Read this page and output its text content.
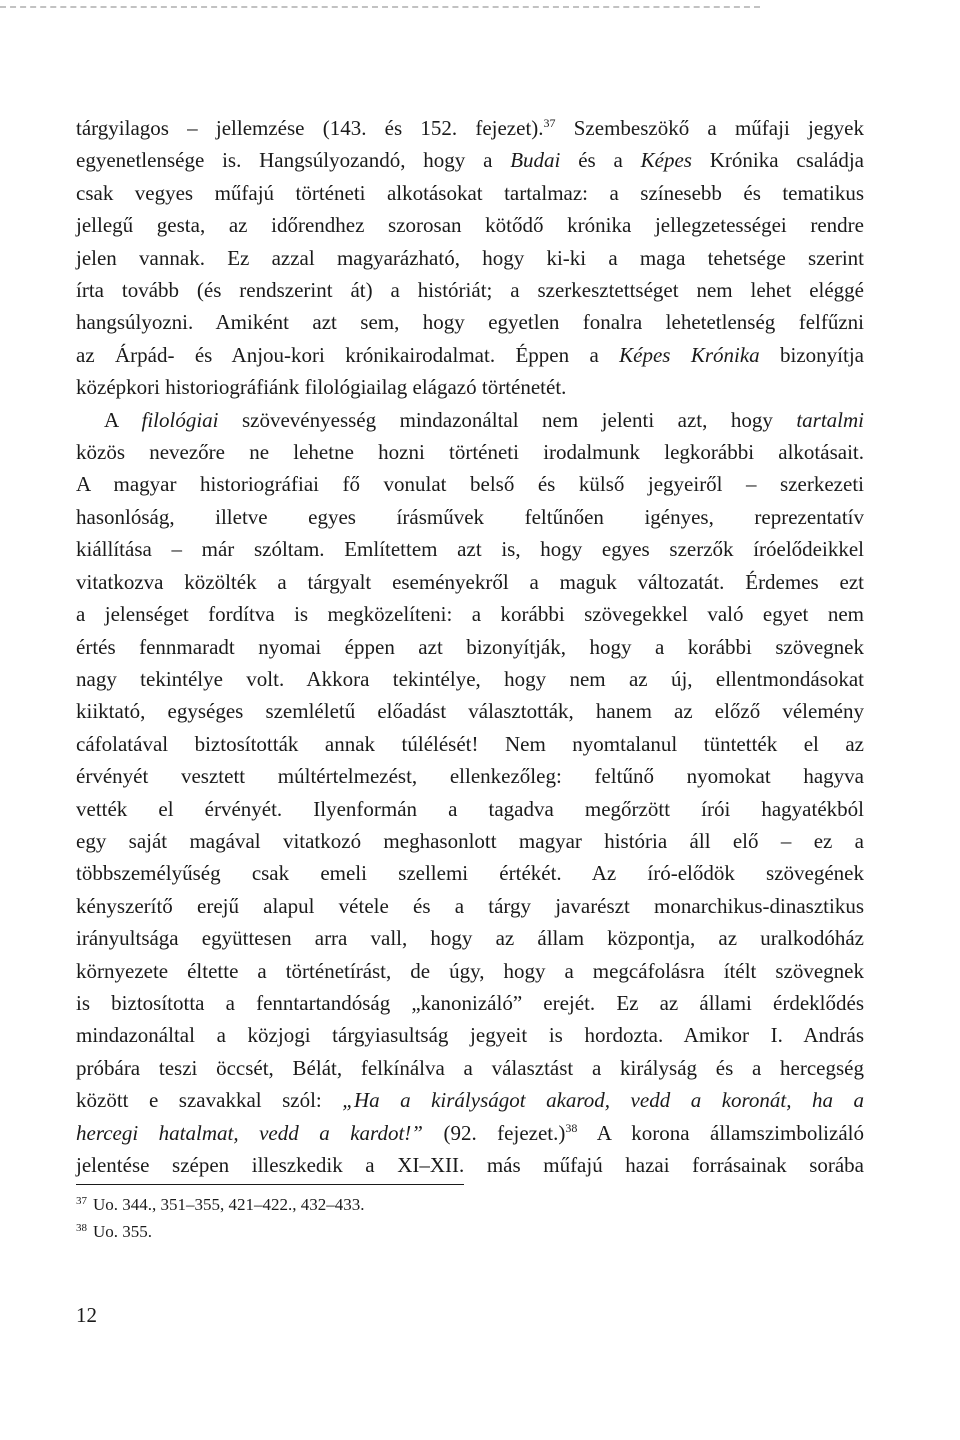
tárgyilagos – jellemzése (143. és 152. fejezet).$^{37}$ Szembeszökő a műfaji jegyek
egyenetlensége is. Hangsúlyozandó, hogy a Budai és a Képes Krónika családja
csak vegyes műfajú történeti alkotásokat tartalmaz: a színesebb és tematikus
jellegű gesta, az időrendhez szorosan kötődő krónika jellegzetességei rendre
jelen vannak. Ez azzal magyarázható, hogy ki-ki a maga tehetsége szerint
írta tovább (és rendszerint át) a históriát; a szerkesztettséget nem lehet eléggé
hangsúlyozni. Amiként azt sem, hogy egyetlen fonalra lehetetlenség felfűzni
az Árpád- és Anjou-kori krónikairodalmat. Éppen a Képes Krónika bizonyítja
középkori historiográfiánk filológiailag elágazó történetét.
A filológiai szövevényesség mindazonáltal nem jelenti azt, hogy tartalmi
közös nevezőre ne lehetne hozni történeti irodalmunk legkorábbi alkotásait.
A magyar historiográfiai fő vonulat belső és külső jegyeiről – szerkezeti
hasonlóság, illetve egyes írásművek feltűnően igényes, reprezentatív
kiállítása – már szóltam. Említettem azt is, hogy egyes szerzők íróelődeikkel
vitatkozva közölték a tárgyalt eseményekről a maguk változatát. Érdemes ezt
a jelenséget fordítva is megközelíteni: a korábbi szövegekkel való egyet nem
értés fennmaradt nyomai éppen azt bizonyítják, hogy a korábbi szövegnek
nagy tekintélye volt. Akkora tekintélye, hogy nem az új, ellentmondásokat
kiiktató, egységes szemléletű előadást választották, hanem az előző vélemény
cáfolatával biztosították annak túlélését! Nem nyomtalanul tüntették el az
érvényét vesztett múltértelmezést, ellenkezőleg: feltűnő nyomokat hagyva
vették el érvényét. Ilyenformán a tagadva megőrzött írói hagyatékból
egy saját magával vitatkozó meghasonlott magyar história áll elő – ez a
többszemélyűség csak emeli szellemi értékét. Az író-elődök szövegének
kényszerítő erejű alapul vétele és a tárgy javarészt monarchikus-dinasztikus
irányultsága együttesen arra vall, hogy az állam központja, az uralkodóház
környezete éltette a történetírást, de úgy, hogy a megcáfolásra ítélt szövegnek
is biztosította a fenntartandóság „kanonizáló” erejét. Ez az állami érdeklődés
mindazonáltal a közjogi tárgyiasultság jegyeit is hordozta. Amikor I. András
próbára teszi öccsét, Bélát, felkínálva a választást a királyság és a hercegség
között e szavakkal szól: „Ha a királyságot akarod, vedd a koronát, ha a
hercegi hatalmat, vedd a kardot!” (92. fejezet.)$^{38}$ A korona államszimbolizáló
jelentése szépen illeszkedik a XI–XII. más műfajú hazai forrásainak sorába
$^{37}$ Uo. 344., 351–355, 421–422., 432–433.
$^{38}$ Uo. 355.
12
